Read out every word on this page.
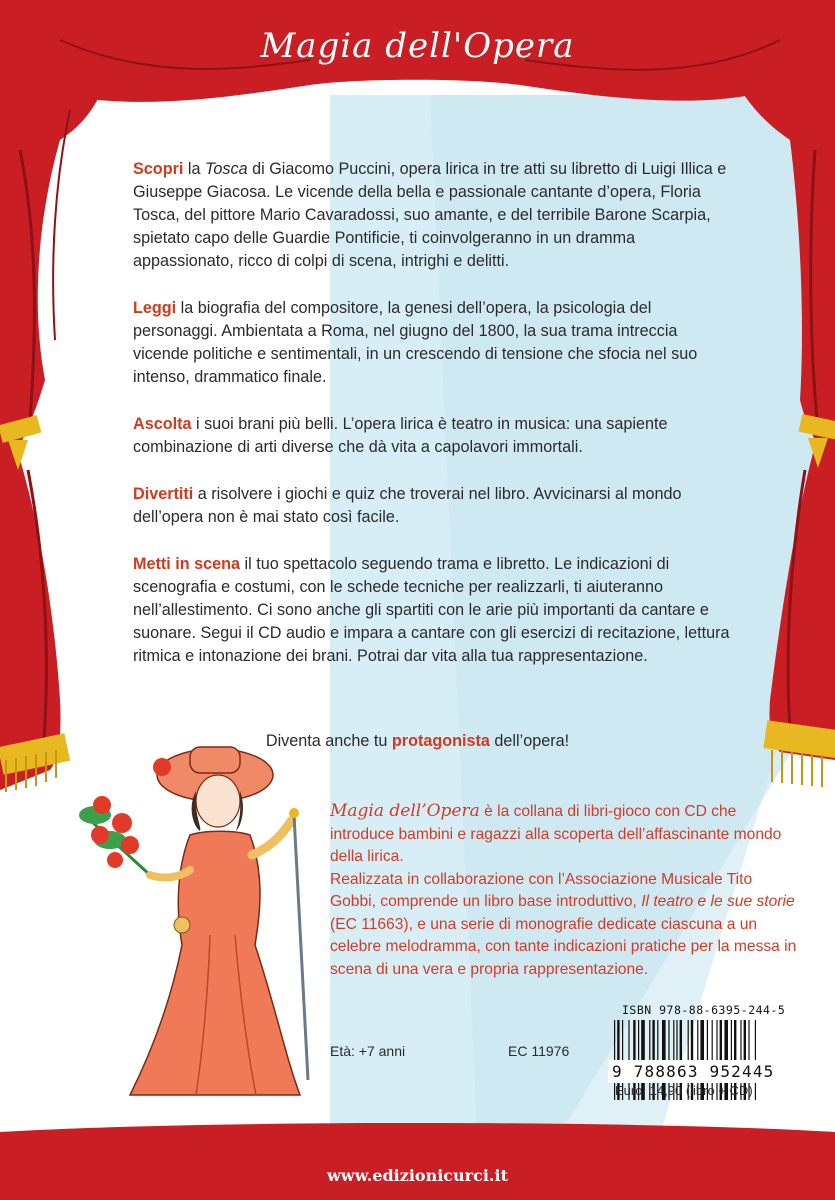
Magia dell'Opera

Scopri la Tosca di Giacomo Puccini, opera lirica in tre atti su libretto di Luigi Illica e Giuseppe Giacosa. Le vicende della bella e passionale cantante d’opera, Floria Tosca, del pittore Mario Cavaradossi, suo amante, e del terribile Barone Scarpia, spietato capo delle Guardie Pontificie, ti coinvolgeranno in un dramma appassionato, ricco di colpi di scena, intrighi e delitti.

Leggi la biografia del compositore, la genesi dell’opera, la psicologia del personaggi. Ambientata a Roma, nel giugno del 1800, la sua trama intreccia vicende politiche e sentimentali, in un crescendo di tensione che sfocia nel suo intenso, drammatico finale.

Ascolta i suoi brani più belli. L’opera lirica è teatro in musica: una sapiente combinazione di arti diverse che dà vita a capolavori immortali.

Divertiti a risolvere i giochi e quiz che troverai nel libro. Avvicinarsi al mondo dell’opera non è mai stato così facile.

Metti in scena il tuo spettacolo seguendo trama e libretto. Le indicazioni di scenografia e costumi, con le schede tecniche per realizzarli, ti aiuteranno nell’allestimento. Ci sono anche gli spartiti con le arie più importanti da cantare e suonare. Segui il CD audio e impara a cantare con gli esercizi di recitazione, lettura ritmica e intonazione dei brani. Potrai dar vita alla tua rappresentazione.

Diventa anche tu protagonista dell’opera!
Magia dell’Opera è la collana di libri-gioco con CD che introduce bambini e ragazzi alla scoperta dell’affascinante mondo della lirica.
Realizzata in collaborazione con l’Associazione Musicale Tito Gobbi, comprende un libro base introduttivo, Il teatro e le sue storie (EC 11663), e una serie di monografie dedicate ciascuna a un celebre melodramma, con tante indicazioni pratiche per la messa in scena di una vera e propria rappresentazione.
Età: +7 anni	EC 11976
ISBN 978-88-6395-244-5
9 788863 952445
Euro: 14,90 (libro + CD)
www.edizionicurci.it
